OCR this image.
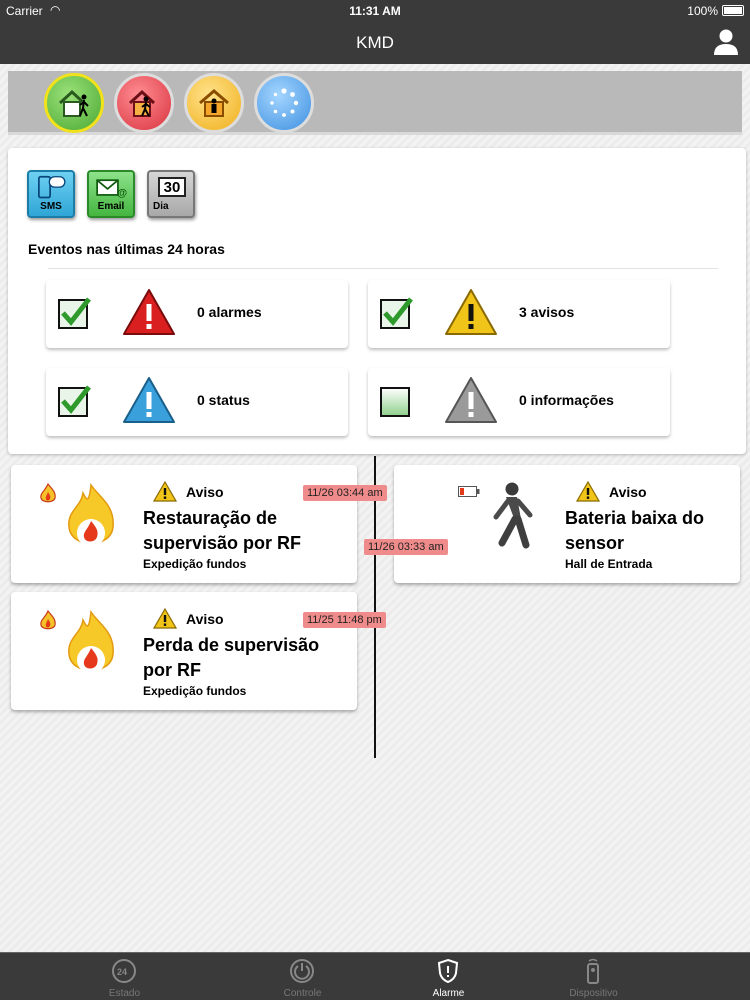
Carrier ◠	11:31 AM	100%
KMD
SMS
@
Email
30
Dia
Eventos nas últimas 24 horas
0 alarmes	3 avisos
0 status	0 informações
Aviso
Restauração de supervisão por RF
Expedição fundos
11/26 03:44 am	Aviso
Bateria baixa do sensor
Hall de Entrada
11/26 03:33 am
Aviso
Perda de supervisão por RF
Expedição fundos
11/25 11:48 pm
24
Estado	Controle	Alarme	Dispositivo
